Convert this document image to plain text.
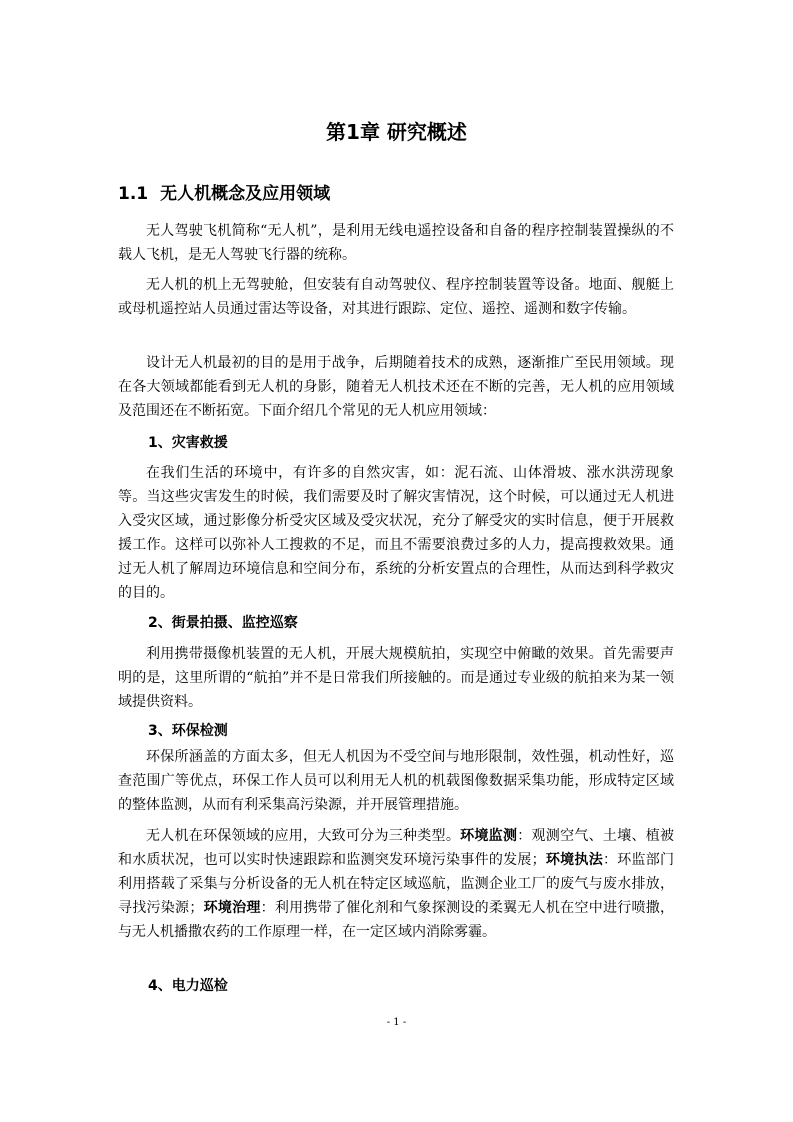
第1章 研究概述
1.1 无人机概念及应用领域

无人驾驶飞机简称“无人机”，是利用无线电遥控设备和自备的程序控制装置操纵的不载人飞机，是无人驾驶飞行器的统称。

无人机的机上无驾驶舱，但安装有自动驾驶仪、程序控制装置等设备。地面、舰艇上或母机遥控站人员通过雷达等设备，对其进行跟踪、定位、遥控、遥测和数字传输。

设计无人机最初的目的是用于战争，后期随着技术的成熟，逐渐推广至民用领域。现在各大领域都能看到无人机的身影，随着无人机技术还在不断的完善，无人机的应用领域及范围还在不断拓宽。下面介绍几个常见的无人机应用领域：

1、灾害救援

在我们生活的环境中，有许多的自然灾害，如：泥石流、山体滑坡、涨水洪涝现象等。当这些灾害发生的时候，我们需要及时了解灾害情况，这个时候，可以通过无人机进入受灾区域，通过影像分析受灾区域及受灾状况，充分了解受灾的实时信息，便于开展救援工作。这样可以弥补人工搜救的不足，而且不需要浪费过多的人力，提高搜救效果。通过无人机了解周边环境信息和空间分布，系统的分析安置点的合理性，从而达到科学救灾的目的。

2、街景拍摄、监控巡察

利用携带摄像机装置的无人机，开展大规模航拍，实现空中俯瞰的效果。首先需要声明的是，这里所谓的“航拍”并不是日常我们所接触的。而是通过专业级的航拍来为某一领域提供资料。

3、环保检测

环保所涵盖的方面太多，但无人机因为不受空间与地形限制，效性强，机动性好，巡查范围广等优点，环保工作人员可以利用无人机的机载图像数据采集功能，形成特定区域的整体监测，从而有利采集高污染源，并开展管理措施。

无人机在环保领域的应用，大致可分为三种类型。环境监测：观测空气、土壤、植被和水质状况，也可以实时快速跟踪和监测突发环境污染事件的发展；环境执法：环监部门利用搭载了采集与分析设备的无人机在特定区域巡航，监测企业工厂的废气与废水排放，寻找污染源；环境治理：利用携带了催化剂和气象探测设的柔翼无人机在空中进行喷撒，与无人机播撒农药的工作原理一样，在一定区域内消除雾霾。

4、电力巡检
- 1 -
